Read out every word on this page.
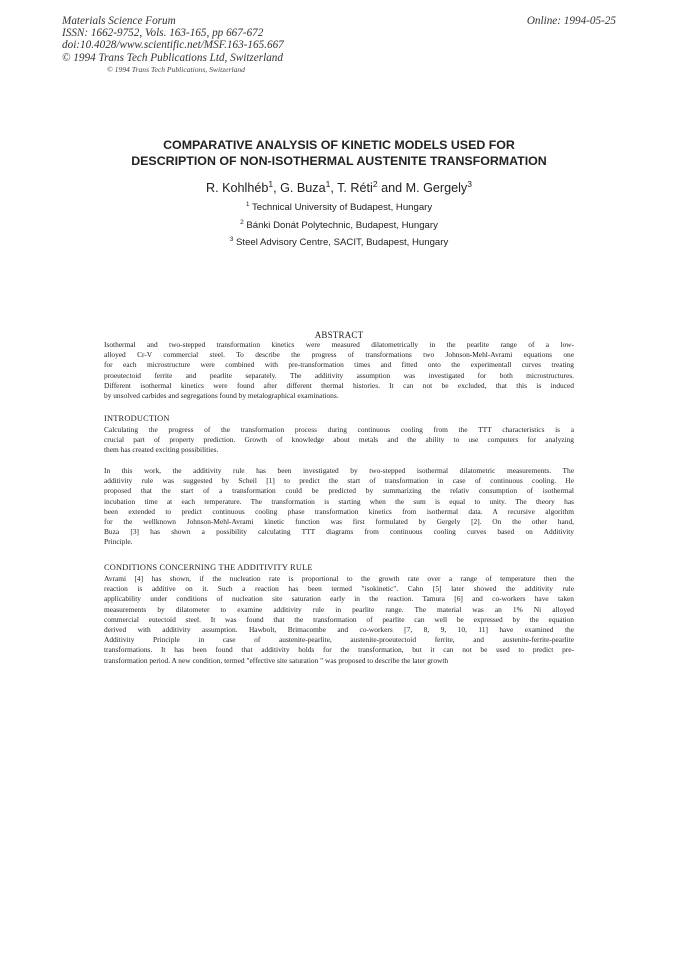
Materials Science Forum
ISSN: 1662-9752, Vols. 163-165, pp 667-672
doi:10.4028/www.scientific.net/MSF.163-165.667
© 1994 Trans Tech Publications Ltd, Switzerland
Online: 1994-05-25
© 1994 Trans Tech Publications, Switzerland
COMPARATIVE ANALYSIS OF KINETIC MODELS USED FOR
DESCRIPTION OF NON-ISOTHERMAL AUSTENITE TRANSFORMATION
R. Kohlhéb$^1$, G. Buza$^1$, T. Réti$^2$ and M. Gergely$^3$
$^1$ Technical University of Budapest, Hungary
$^2$ Bánki Donát Polytechnic, Budapest, Hungary
$^3$ Steel Advisory Centre, SACIT, Budapest, Hungary
ABSTRACT
Isothermal and two-stepped transformation kinetics were measured dilatometrically in the pearlite range of a low-
alloyed Cr-V commercial steel. To describe the progress of transformations two Johnson-Mehl-Avrami equations one
for each microstructure were combined with pre-transformation times and fitted onto the experimentall curves treating
proeutectoid ferrite and pearlite separately. The additivity assumption was investigated for both microstructures.
Different isothermal kinetics were found after different thermal histories. It can not be excluded, that this is induced
by unsolved carbides and segregations found by metalographical examinations.
INTRODUCTION
Calculating the progress of the transformation process during continuous cooling from the TTT characteristics is a
crucial part of property prediction. Growth of knowledge about metals and the ability to use computers for analyzing
them has created exciting possibilities.
In this work, the additivity rule has been investigated by two-stepped isothermal dilatometric measurements. The
additivity rule was suggested by Scheil [1] to predict the start of transformation in case of continuous cooling. He
proposed that the start of a transformation could be predicted by summarizing the relativ consumption of isothermal
incubation time at each temperature. The transformation is starting when the sum is equal to unity. The theory has
been extended to predict continuous cooling phase transformation kinetics from isothermal data. A recursive algorithm
for the wellknown Johnson-Mehl-Avrami kinetic function was first formulated by Gergely [2]. On the other hand,
Buza [3] has shown a possibility calculating TTT diagrams from continuous cooling curves based on Additivity
Principle.
CONDITIONS CONCERNING THE ADDITIVITY RULE
Avrami [4] has shown, if the nucleation rate is proportional to the growth rate over a range of temperature then the
reaction is additive on it. Such a reaction has been termed "isokinetic". Cahn [5] later showed the additivity rule
applicability under conditions of nucleation site saturation early in the reaction. Tamura [6] and co-workers have taken
measurements by dilatometer to examine additivity rule in pearlite range. The material was an 1% Ni alloyed
commercial eutectoid steel. It was found that the transformation of pearlite can well be expressed by the equation
derived with additivity assumption. Hawbolt, Brimacombe and co-workers [7, 8, 9, 10, 11] have examined the
Additivity Principle in case of austenite-pearlite, austenite-proeutectoid ferrite, and austenite-ferrite-pearlite
transformations. It has been found that additivity holds for the transformation, but it can not be used to predict pre-
transformation period. A new condition, termed "effective site saturation " was proposed to describe the later growth
